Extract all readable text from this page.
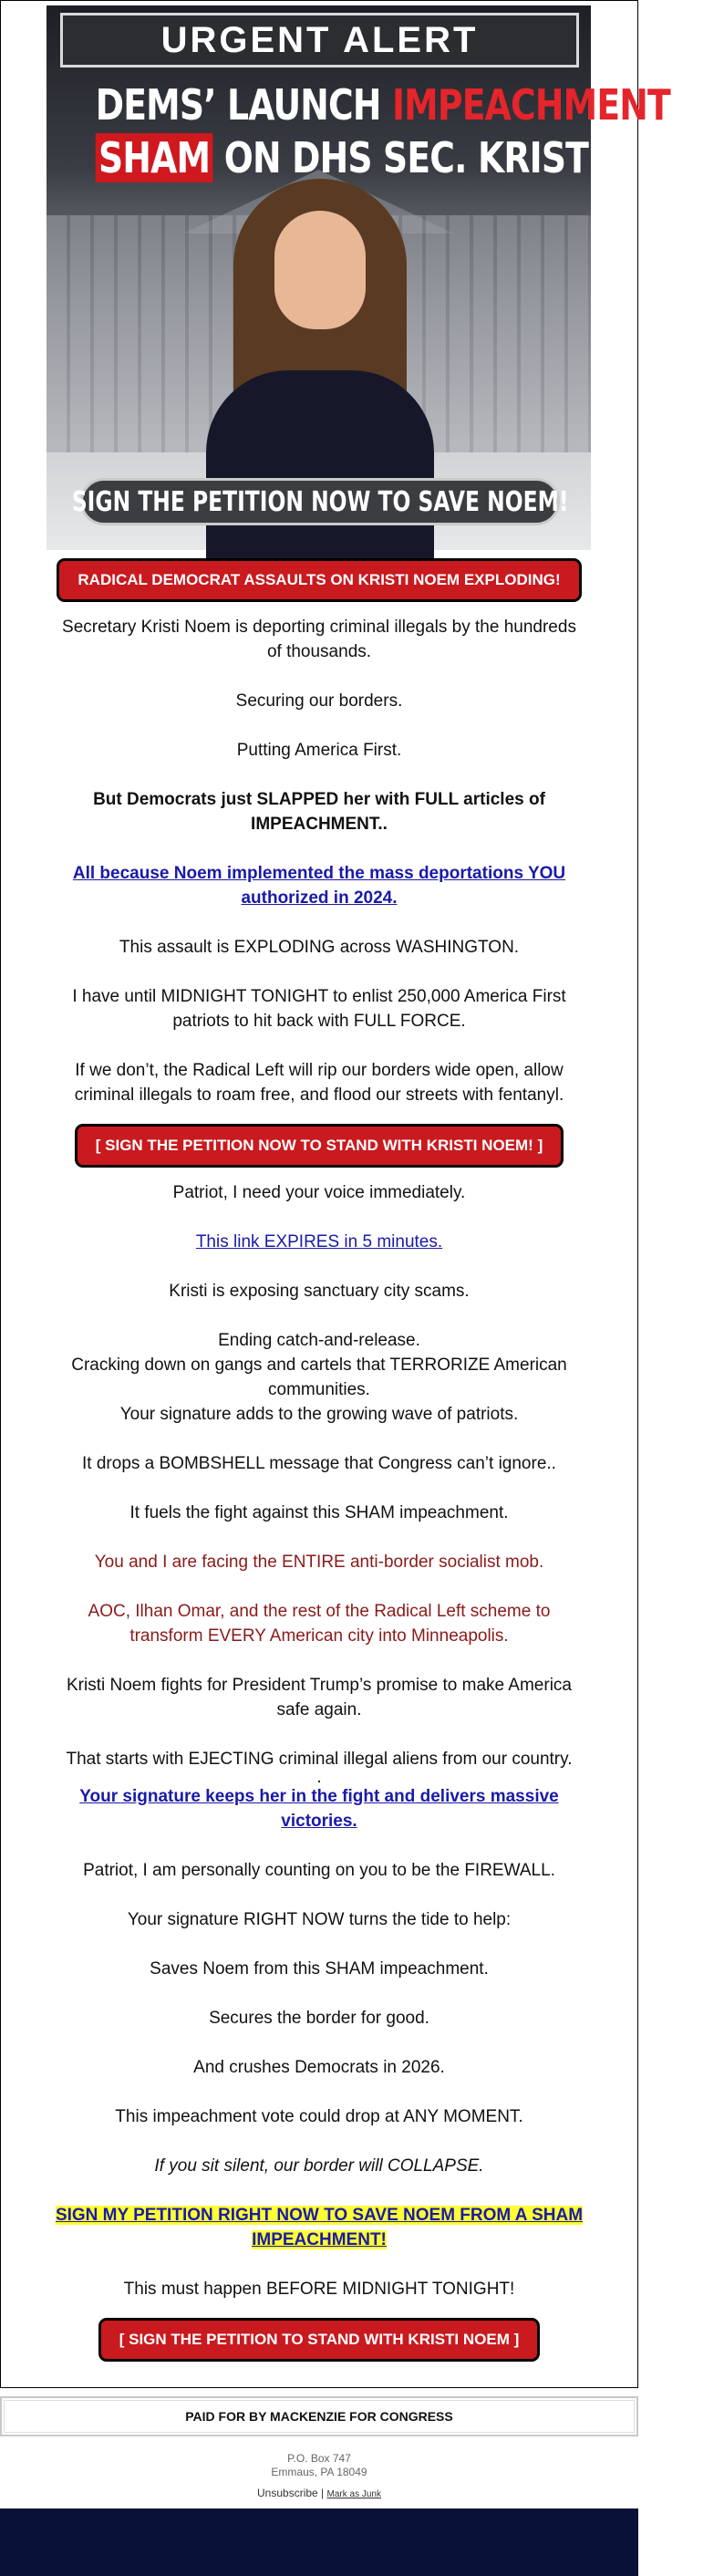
URGENT ALERT
DEMS’ LAUNCH IMPEACHMENT
SHAM ON DHS SEC. KRISTI NOEM
SIGN THE PETITION NOW TO SAVE NOEM!
RADICAL DEMOCRAT ASSAULTS ON KRISTI NOEM EXPLODING!

Secretary Kristi Noem is deporting criminal illegals by the hundreds of thousands.

Securing our borders.

Putting America First.

But Democrats just SLAPPED her with FULL articles of IMPEACHMENT..

All because Noem implemented the mass deportations YOU authorized in 2024.

This assault is EXPLODING across WASHINGTON.

I have until MIDNIGHT TONIGHT to enlist 250,000 America First patriots to hit back with FULL FORCE.

If we don’t, the Radical Left will rip our borders wide open, allow criminal illegals to roam free, and flood our streets with fentanyl.

[ SIGN THE PETITION NOW TO STAND WITH KRISTI NOEM! ]

Patriot, I need your voice immediately.

This link EXPIRES in 5 minutes.

Kristi is exposing sanctuary city scams.

Ending catch-and-release.

Cracking down on gangs and cartels that TERRORIZE American communities.

Your signature adds to the growing wave of patriots.

It drops a BOMBSHELL message that Congress can’t ignore..

It fuels the fight against this SHAM impeachment.

You and I are facing the ENTIRE anti-border socialist mob.

AOC, Ilhan Omar, and the rest of the Radical Left scheme to transform EVERY American city into Minneapolis.

Kristi Noem fights for President Trump’s promise to make America safe again.

That starts with EJECTING criminal illegal aliens from our country.

.

Your signature keeps her in the fight and delivers massive victories.

Patriot, I am personally counting on you to be the FIREWALL.

Your signature RIGHT NOW turns the tide to help:

Saves Noem from this SHAM impeachment.

Secures the border for good.

And crushes Democrats in 2026.

This impeachment vote could drop at ANY MOMENT.

If you sit silent, our border will COLLAPSE.

SIGN MY PETITION RIGHT NOW TO SAVE NOEM FROM A SHAM IMPEACHMENT!

This must happen BEFORE MIDNIGHT TONIGHT!

[ SIGN THE PETITION TO STAND WITH KRISTI NOEM ]
PAID FOR BY MACKENZIE FOR CONGRESS
P.O. Box 747
Emmaus, PA 18049
Unsubscribe | Mark as Junk
